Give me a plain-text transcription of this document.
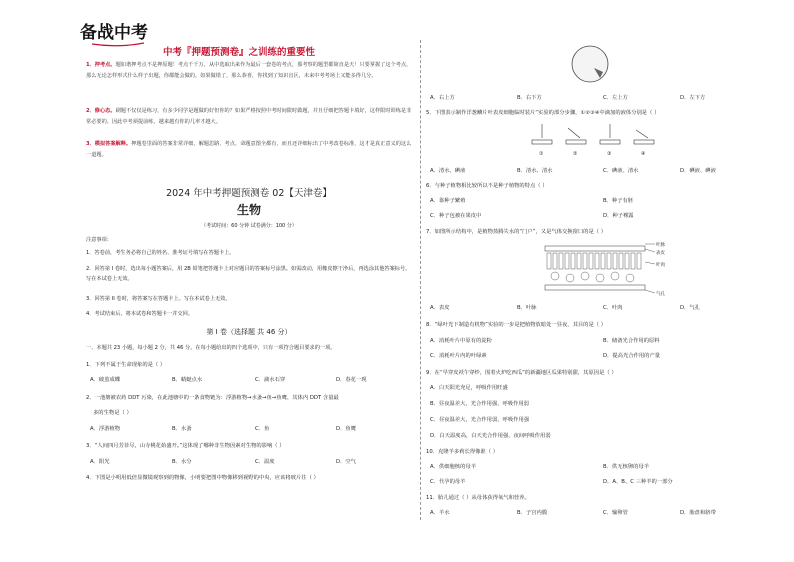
备战中考
中考『押题预测卷』之训练的重要性
1．押考点。题如谐押考点不是押原题！考点千千万，从中选取出来作为最后一套卷的考点，那考察的题型都简直是天！只要掌握了这个考点，那么无论怎样形式什么样子出题，你都能会做的。如果做错了，那么恭喜，你找到了知识盲区，未来中考考场上又能多得几分。
2．修心态。刷题不仅仅是练习，有多少同学是题做的好但你的？如果严格按照中考时间限时做题，并且仔细把答题卡填好，这样限时训练是非常必要的。因此中考须提前练，越来越有你的几率才越大。
3．模拟答案解释。押题卷里面的答案非常详细，解题思路、考点、命题意图全都有，而且还详细标出了中考改卷标准，这才是真正意义的这么一道题。
2024 年中考押题预测卷 02【天津卷】
生物
（考试时间：60 分钟 试卷满分：100 分）
注意事项：
1．答卷前，考生务必将自己的姓名、准考证号填写在答题卡上。
2．回答第 I 卷时，选出每小题答案后，用 2B 铅笔把答题卡上对应题目的答案标号涂黑。如需改动，用橡皮擦干净后，再选涂其他答案标号。写在本试卷上无效。
3．回答第 II 卷时，将答案写在答题卡上。写在本试卷上无效。
4．考试结束后，将本试卷和答题卡一并交回。
第 I 卷（选择题 共 46 分）
一、本题共 23 小题，每小题 2 分，共 46 分。在每小题给出的四个选项中，只有一项符合题目要求的一项。
1．下列不属于生命现象的是（ ）
A．破茧成蝶	B．蜻蜓点水	C．滴水石穿	D．春花一现
2．一池塘被农药 DDT 污染，在此池塘中的一条食物链为：浮游植物→水蚤→鱼→鱼鹰，其体内 DDT 含量最
多的生物是（ ）
A．浮游植物	B．水蚤	C．鱼	D．鱼鹰
3．“人间四月芳菲尽，山寺桃花始盛开。”这体现了哪种非生物因素对生物的影响（ ）
A．阳光	B．水分	C．温度	D．空气
4．下图是小明用低倍显微镜观察到的物像，小明要把图中物像移到视野的中央，应该将玻片往（ ）
A．右上方	B．右下方	C．左上方	D．左下方
5．下图表示制作洋葱鳞片叶表皮细胞临时装片“实验的部分步骤，①②③④中滴加的液体分别是（ ）
①	②	③	④
A．清水、碘液	B．清水、清水	C．碘液、清水	D．碘液、碘液
6．与种子植物相比较所以不是种子植物的特点（ ）
A．靠种子繁殖	B．种子有胚
C．种子包被在果皮中	D．种子裸露
7．如图所示结构中，是植物蒸腾失水的“门户”，又是气体交换窗口的是（ ）
叶脉
表皮
叶肉
气孔
A．表皮	B．叶脉	C．叶肉	D．气孔
8．“绿叶光下制造有机物”实验的一步是把植物放暗处一昼夜，其目的是（ ）
A．消耗叶片中原有的淀粉	B．储备光合作用的原料
C．消耗叶片内的叶绿素	D．提高光合作用的产量
9．在“早穿皮袄午穿纱，围着火炉吃西瓜”的新疆地区瓜果特别甜，其原因是（ ）
A．白天阳光充足，呼吸作用旺盛
B．昼夜温差大，光合作用强，呼吸作用弱
C．昼夜温差大，光合作用弱，呼吸作用强
D．白天温度高，白天光合作用强，夜间呼吸作用弱
10．克隆羊多莉长得像谁（ ）
A．供细胞核的母羊	B．供无核卵的母羊
C．代孕的母羊	D．A、B、C 三种羊的一部分
11．胎儿通过（ ）从母体获得氧气和营养。
A．羊水	B．子宫内膜	C．输卵管	D．胎盘和脐带
